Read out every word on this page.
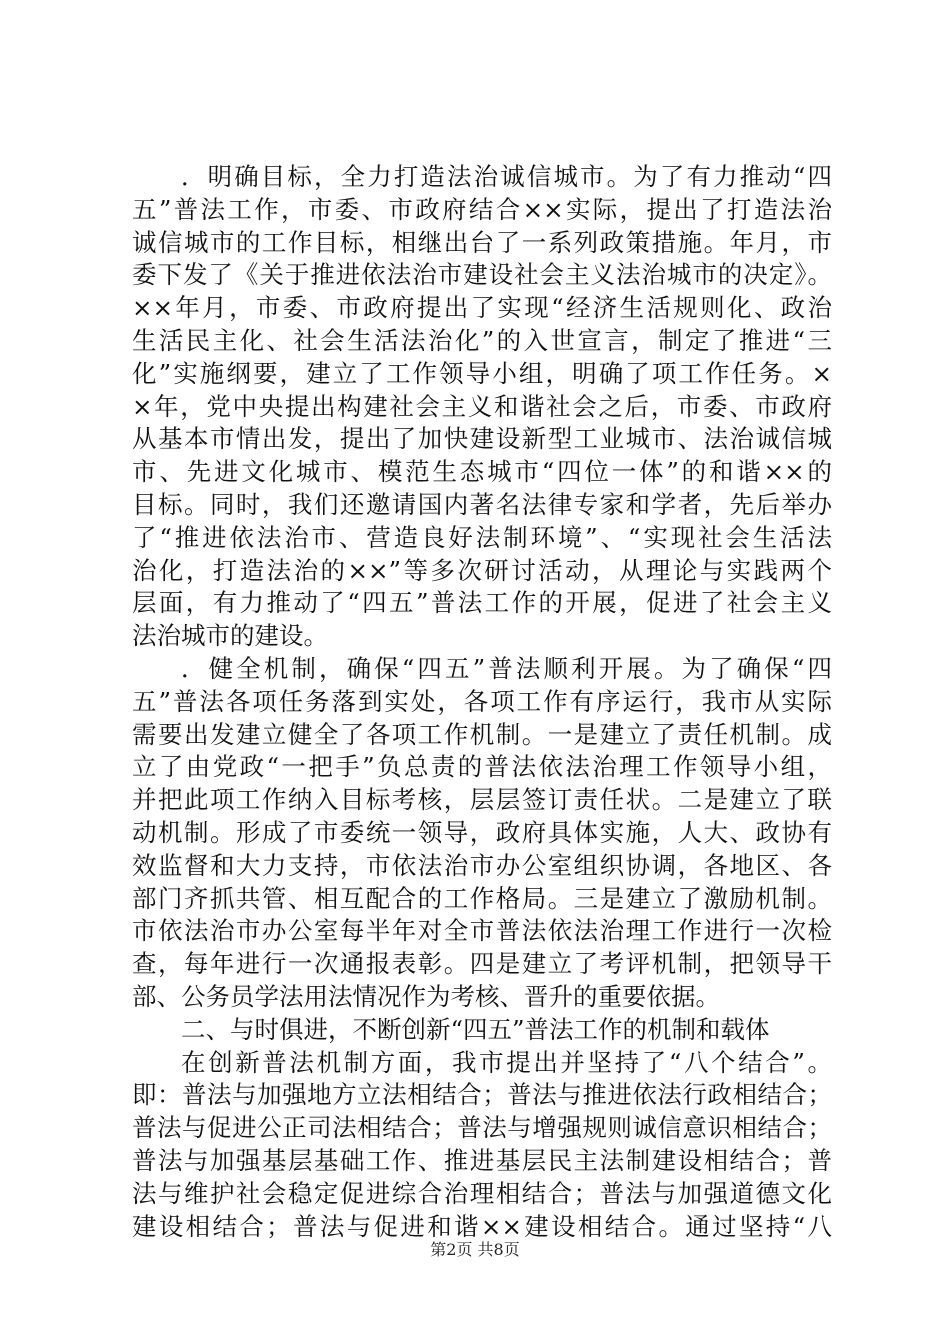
．明确目标，全力打造法治诚信城市。为了有力推动“四
五”普法工作，市委、市政府结合××实际，提出了打造法治
诚信城市的工作目标，相继出台了一系列政策措施。年月，市
委下发了《关于推进依法治市建设社会主义法治城市的决定》。
××年月，市委、市政府提出了实现“经济生活规则化、政治
生活民主化、社会生活法治化”的入世宣言，制定了推进“三
化”实施纲要，建立了工作领导小组，明确了项工作任务。×
×年，党中央提出构建社会主义和谐社会之后，市委、市政府
从基本市情出发，提出了加快建设新型工业城市、法治诚信城
市、先进文化城市、模范生态城市“四位一体”的和谐××的
目标。同时，我们还邀请国内著名法律专家和学者，先后举办
了“推进依法治市、营造良好法制环境”、“实现社会生活法
治化，打造法治的××”等多次研讨活动，从理论与实践两个
层面，有力推动了“四五”普法工作的开展，促进了社会主义
法治城市的建设。
．健全机制，确保“四五”普法顺利开展。为了确保“四
五”普法各项任务落到实处，各项工作有序运行，我市从实际
需要出发建立健全了各项工作机制。一是建立了责任机制。成
立了由党政“一把手”负总责的普法依法治理工作领导小组，
并把此项工作纳入目标考核，层层签订责任状。二是建立了联
动机制。形成了市委统一领导，政府具体实施，人大、政协有
效监督和大力支持，市依法治市办公室组织协调，各地区、各
部门齐抓共管、相互配合的工作格局。三是建立了激励机制。
市依法治市办公室每半年对全市普法依法治理工作进行一次检
查，每年进行一次通报表彰。四是建立了考评机制，把领导干
部、公务员学法用法情况作为考核、晋升的重要依据。
二、与时俱进，不断创新“四五”普法工作的机制和载体
在创新普法机制方面，我市提出并坚持了“八个结合”。
即：普法与加强地方立法相结合；普法与推进依法行政相结合；
普法与促进公正司法相结合；普法与增强规则诚信意识相结合；
普法与加强基层基础工作、推进基层民主法制建设相结合；普
法与维护社会稳定促进综合治理相结合；普法与加强道德文化
建设相结合；普法与促进和谐××建设相结合。通过坚持“八
第2页 共8页
